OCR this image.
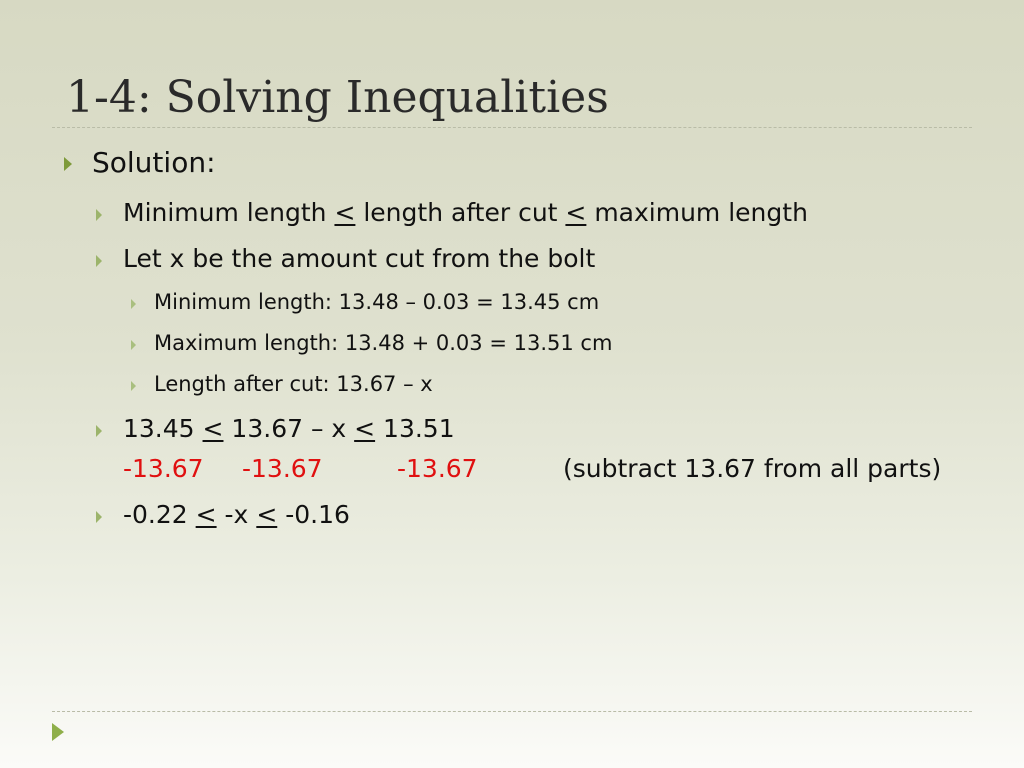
1-4: Solving Inequalities

Solution:

Minimum length < length after cut < maximum length

Let x be the amount cut from the bolt

Minimum length: 13.48 – 0.03 = 13.45 cm

Maximum length: 13.48 + 0.03 = 13.51 cm

Length after cut: 13.67 – x

13.45 < 13.67 – x < 13.51

-13.67 -13.67	-13.67	(subtract 13.67 from all parts)

-0.22 < -x < -0.16
